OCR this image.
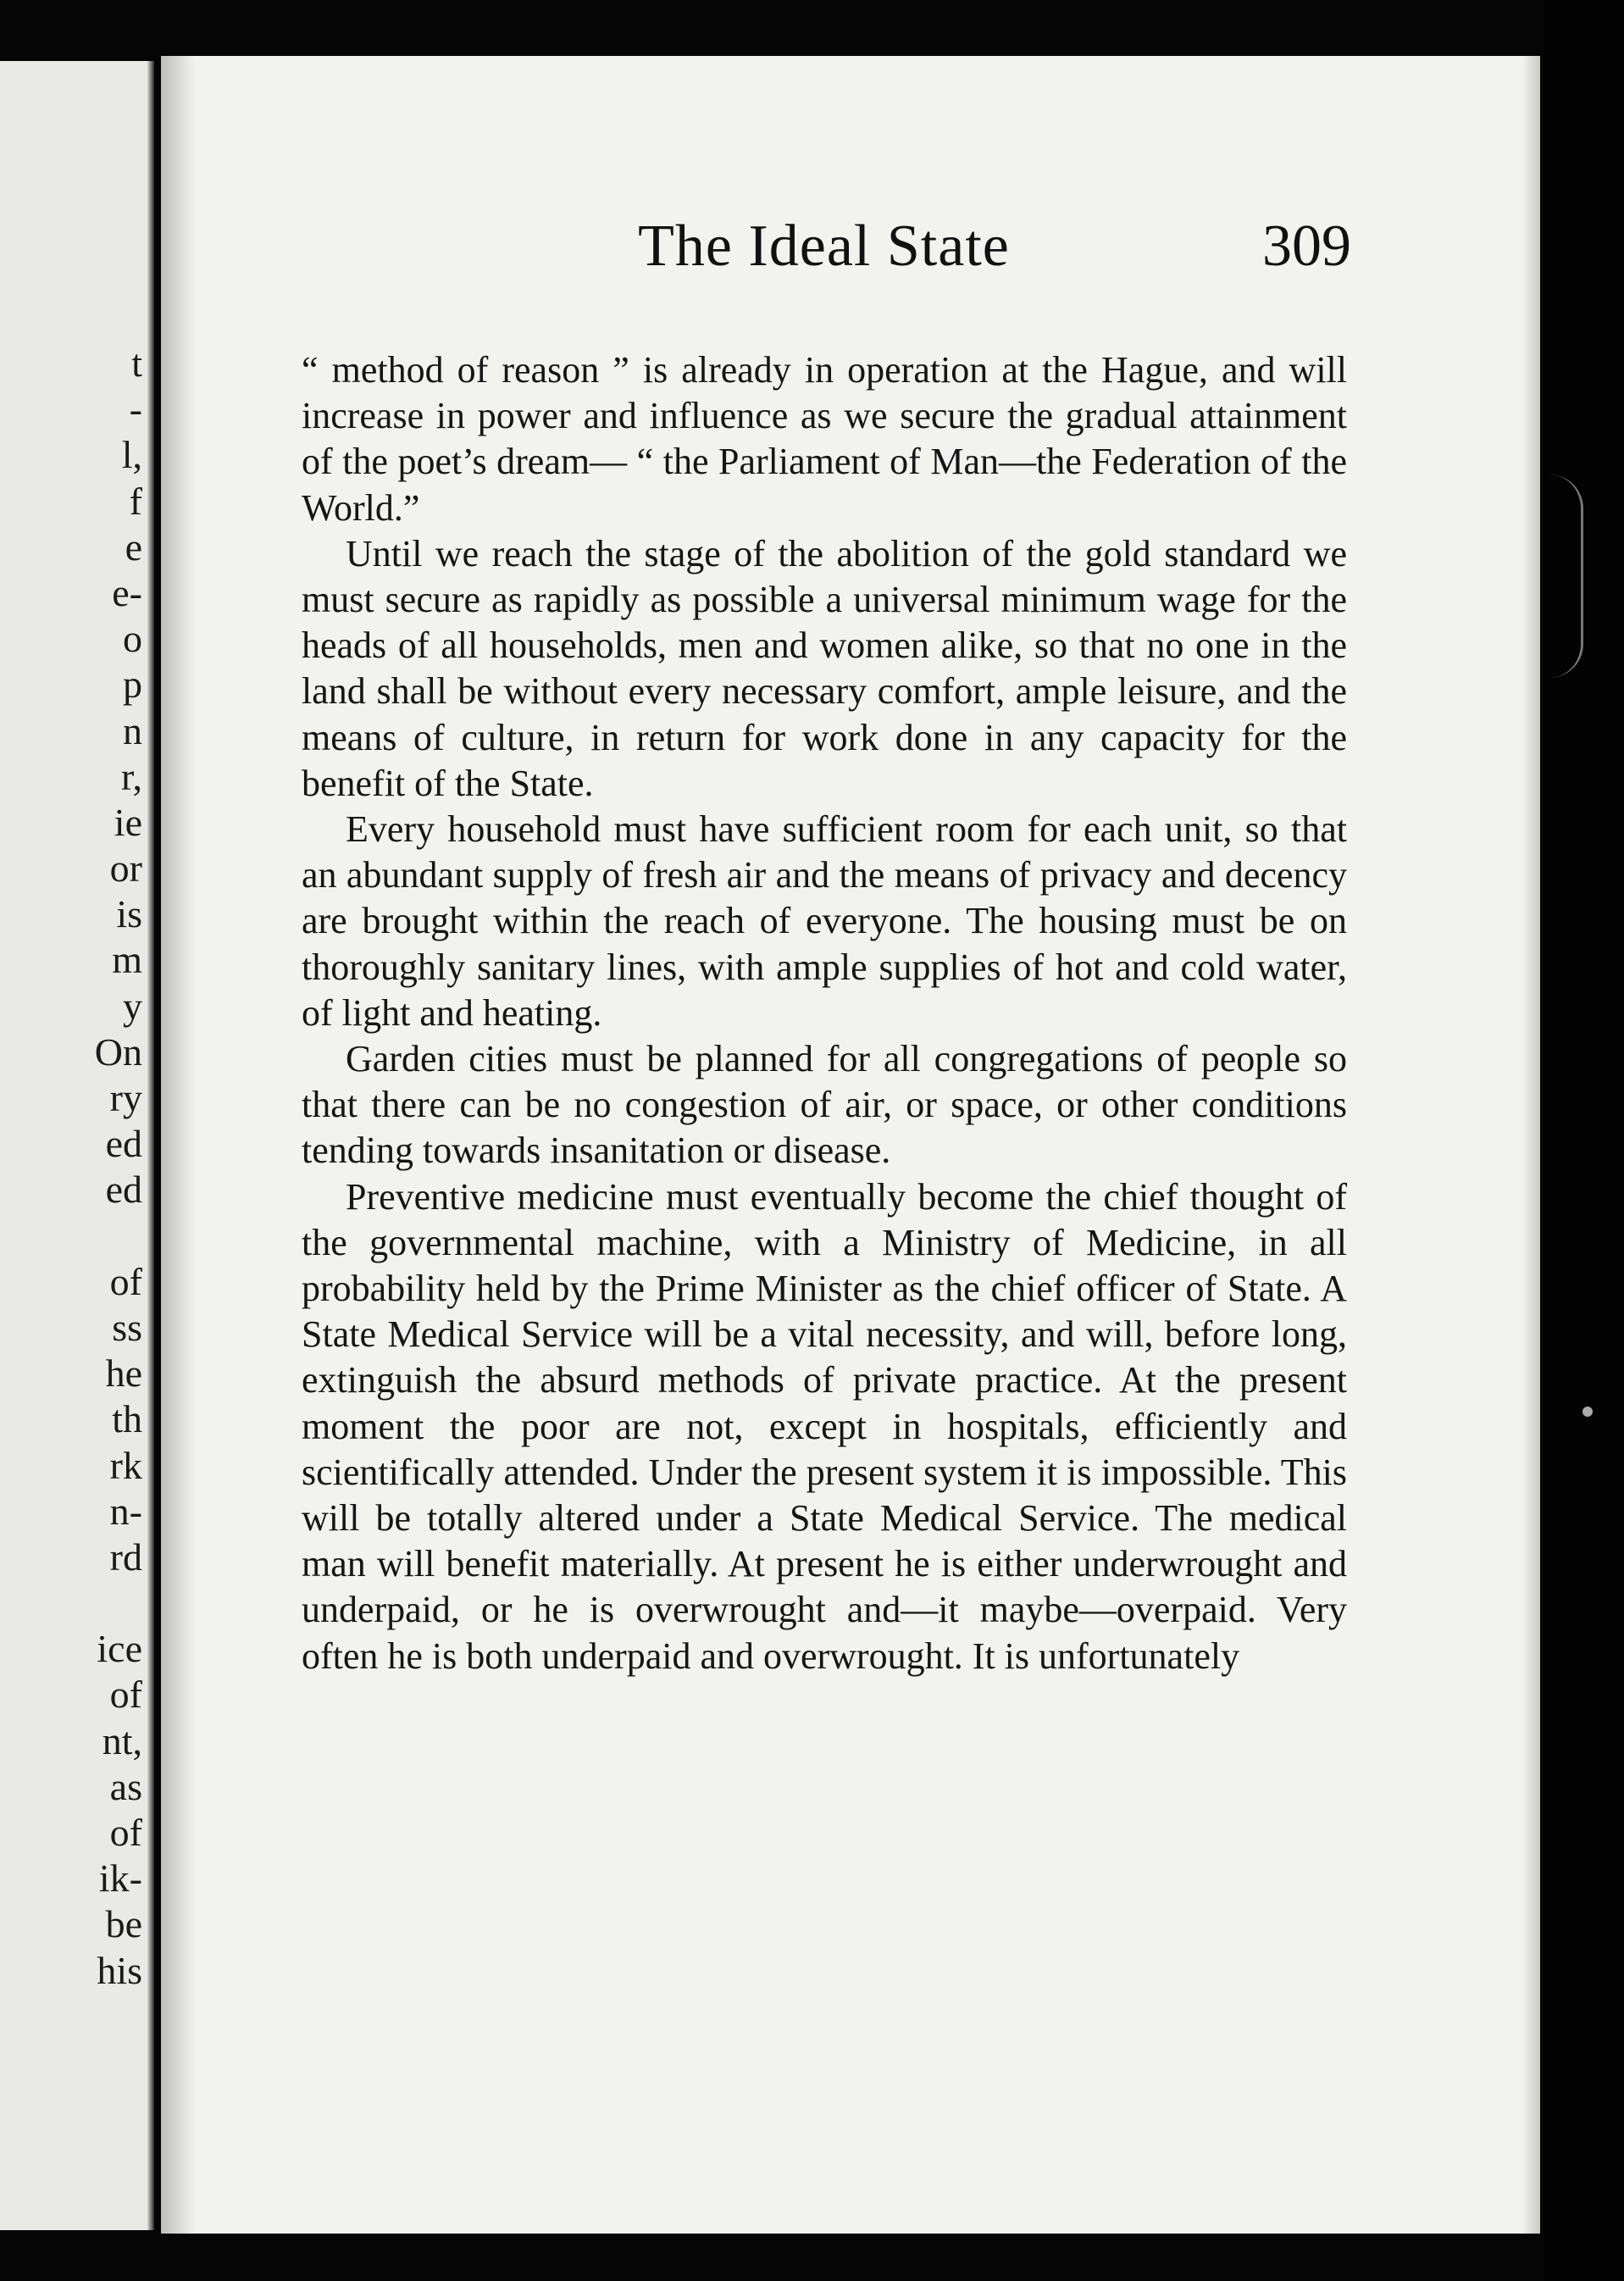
t
-
l,
f
e
e-
o
p
n
r,
ie
or
is
m
y
On
ry
ed
ed
of
ss
he
th
rk
n-
rd
ice
of
nt,
as
of
ik-
be
his
The Ideal State	309

“ method of reason ” is already in operation at the Hague, and will increase in power and influence as we secure the gradual attainment of the poet’s dream— “ the Parliament of Man—the Federation of the World.”

Until we reach the stage of the abolition of the gold standard we must secure as rapidly as possible a universal minimum wage for the heads of all households, men and women alike, so that no one in the land shall be without every necessary comfort, ample leisure, and the means of culture, in return for work done in any capacity for the benefit of the State.

Every household must have sufficient room for each unit, so that an abundant supply of fresh air and the means of privacy and decency are brought within the reach of everyone. The housing must be on thoroughly sanitary lines, with ample supplies of hot and cold water, of light and heating.

Garden cities must be planned for all congregations of people so that there can be no congestion of air, or space, or other conditions tending towards insanitation or disease.

Preventive medicine must eventually become the chief thought of the governmental machine, with a Ministry of Medicine, in all probability held by the Prime Minister as the chief officer of State. A State Medical Service will be a vital necessity, and will, before long, extinguish the absurd methods of private practice. At the present moment the poor are not, except in hospitals, efficiently and scientifically attended. Under the present system it is impossible. This will be totally altered under a State Medical Service. The medical man will benefit materially. At present he is either underwrought and underpaid, or he is overwrought and—it maybe—overpaid. Very often he is both underpaid and overwrought. It is unfortunately
